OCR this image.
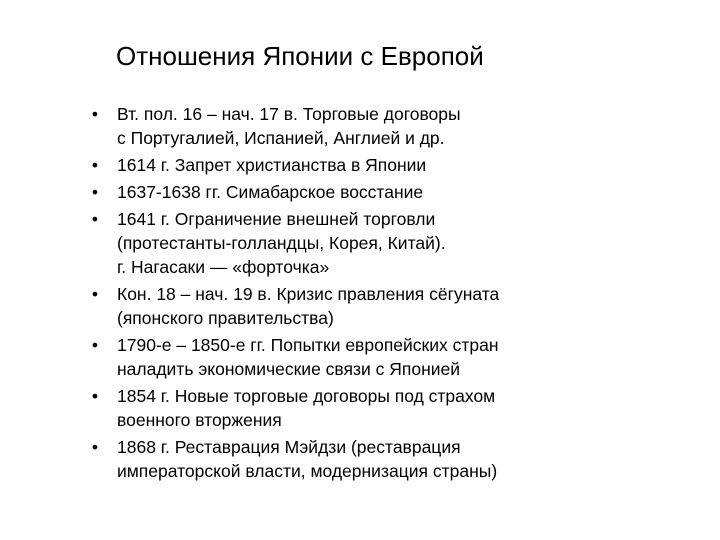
Отношения Японии с Европой
• Вт. пол. 16 – нач. 17 в. Торговые договоры
с Португалией, Испанией, Англией и др.
• 1614 г. Запрет христианства в Японии
• 1637-1638 гг. Симабарское восстание
• 1641 г. Ограничение внешней торговли
(протестанты-голландцы, Корея, Китай).
г. Нагасаки — «форточка»
• Кон. 18 – нач. 19 в. Кризис правления сёгуната
(японского правительства)
• 1790-е – 1850-е гг. Попытки европейских стран
наладить экономические связи с Японией
• 1854 г. Новые торговые договоры под страхом
военного вторжения
• 1868 г. Реставрация Мэйдзи (реставрация
императорской власти, модернизация страны)
